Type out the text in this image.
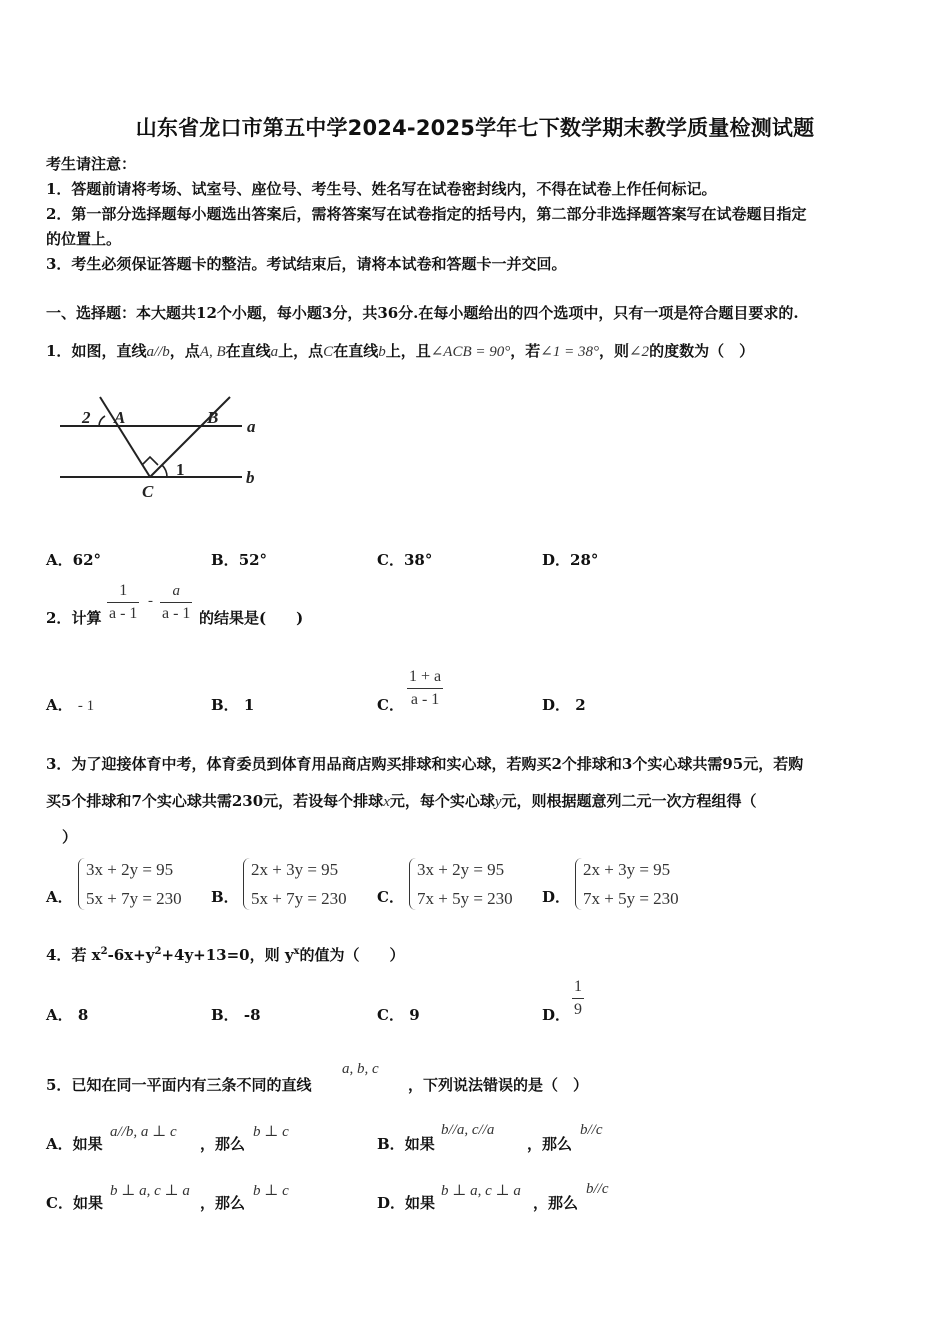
山东省龙口市第五中学2024-2025学年七下数学期末教学质量检测试题
考生请注意：
1．答题前请将考场、试室号、座位号、考生号、姓名写在试卷密封线内，不得在试卷上作任何标记。
2．第一部分选择题每小题选出答案后，需将答案写在试卷指定的括号内，第二部分非选择题答案写在试卷题目指定
的位置上。
3．考生必须保证答题卡的整洁。考试结束后，请将本试卷和答题卡一并交回。
一、选择题：本大题共12个小题，每小题3分，共36分.在每小题给出的四个选项中，只有一项是符合题目要求的.
1．如图，直线a//b，点A, B在直线a上，点C在直线b上，且∠ACB = 90°，若∠1 = 38°，则∠2的度数为（　）
2 A	B a
1
C
b
A．62°	B．52°	C．38°	D．28°
2．计算 $\frac{1}{a - 1} - \frac{a}{a - 1}$ 的结果是(　　)
A． - 1	B． 1	C． $\frac{1 + a}{a - 1}$	D． 2
3．为了迎接体育中考，体育委员到体育用品商店购买排球和实心球，若购买2个排球和3个实心球共需95元，若购
买5个排球和7个实心球共需230元，若设每个排球x元，每个实心球y元，则根据题意列二元一次方程组得（
）
A．
3x + 2y = 95
5x + 7y = 230 B．
2x + 3y = 95
5x + 7y = 230 C．
3x + 2y = 95
7x + 5y = 230 D．
2x + 3y = 95
7x + 5y = 230
4．若 $x^2-6x+y^2+4y+13=0$，则 $y^x$的值为（　　）
A． 8	B． -8	C． 9	D． $\frac{1}{9}$
5．已知在同一平面内有三条不同的直线
a, b, c
，下列说法错误的是（　）
A．如果
a//b, a ⊥ c
，那么
b ⊥ c
B．如果
b//a, c//a
，那么
b//c
C．如果
b ⊥ a, c ⊥ a
，那么
b ⊥ c
D．如果
b ⊥ a, c ⊥ a
，那么
b//c
